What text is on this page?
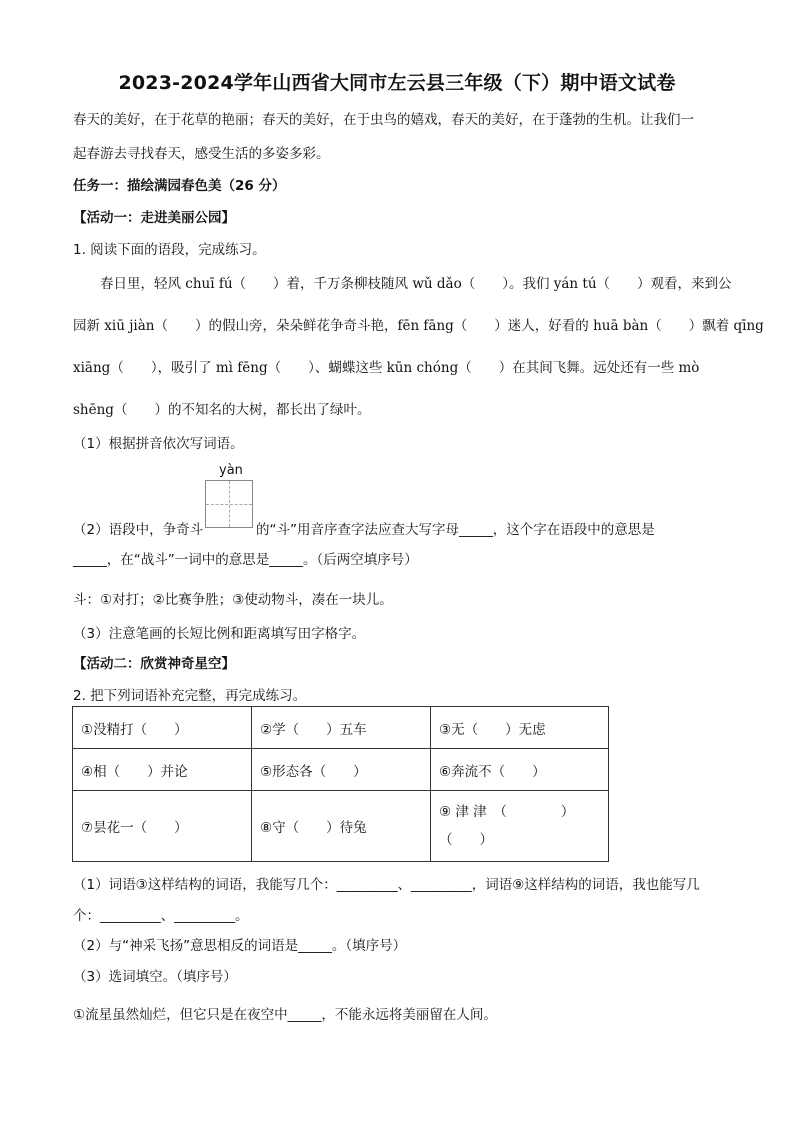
2023-2024学年山西省大同市左云县三年级（下）期中语文试卷
春天的美好，在于花草的艳丽；春天的美好，在于虫鸟的嬉戏，春天的美好，在于蓬勃的生机。让我们一
起春游去寻找春天，感受生活的多姿多彩。
任务一：描绘满园春色美（26 分）
【活动一：走进美丽公园】
1. 阅读下面的语段，完成练习。
春日里，轻风 chuī fú（　　）着，千万条柳枝随风 wǔ dǎo（　　）。我们 yán tú（　　）观看，来到公
园新 xiū jiàn（　　）的假山旁，朵朵鲜花争奇斗艳，fēn fāng（　　）迷人，好看的 huā bàn（　　）飘着 qīng
xiāng（　　），吸引了 mì fēng（　　）、蝴蝶这些 kūn chóng（　　）在其间飞舞。远处还有一些 mò
shēng（　　）的不知名的大树，都长出了绿叶。
（1）根据拼音依次写词语。
yàn
（2）语段中，争奇斗	的“斗”用音序查字法应查大写字母_____，这个字在语段中的意思是
_____，在“战斗”一词中的意思是_____。（后两空填序号）
斗：①对打；②比赛争胜；③使动物斗，凑在一块儿。
（3）注意笔画的长短比例和距离填写田字格字。
【活动二：欣赏神奇星空】
2. 把下列词语补充完整，再完成练习。
①没精打（　　）	②学（　　）五车	③无（　　）无虑
④相（　　）并论	⑤形态各（　　）	⑥奔流不（　　）
⑦昙花一（　　）	⑧守（　　）待兔	⑨ 津 津　（　　　　）
（　　）
（1）词语③这样结构的词语，我能写几个：_________、_________，词语⑨这样结构的词语，我也能写几
个：_________、_________。
（2）与“神采飞扬”意思相反的词语是_____。（填序号）
（3）选词填空。（填序号）
①流星虽然灿烂，但它只是在夜空中_____，不能永远将美丽留在人间。
